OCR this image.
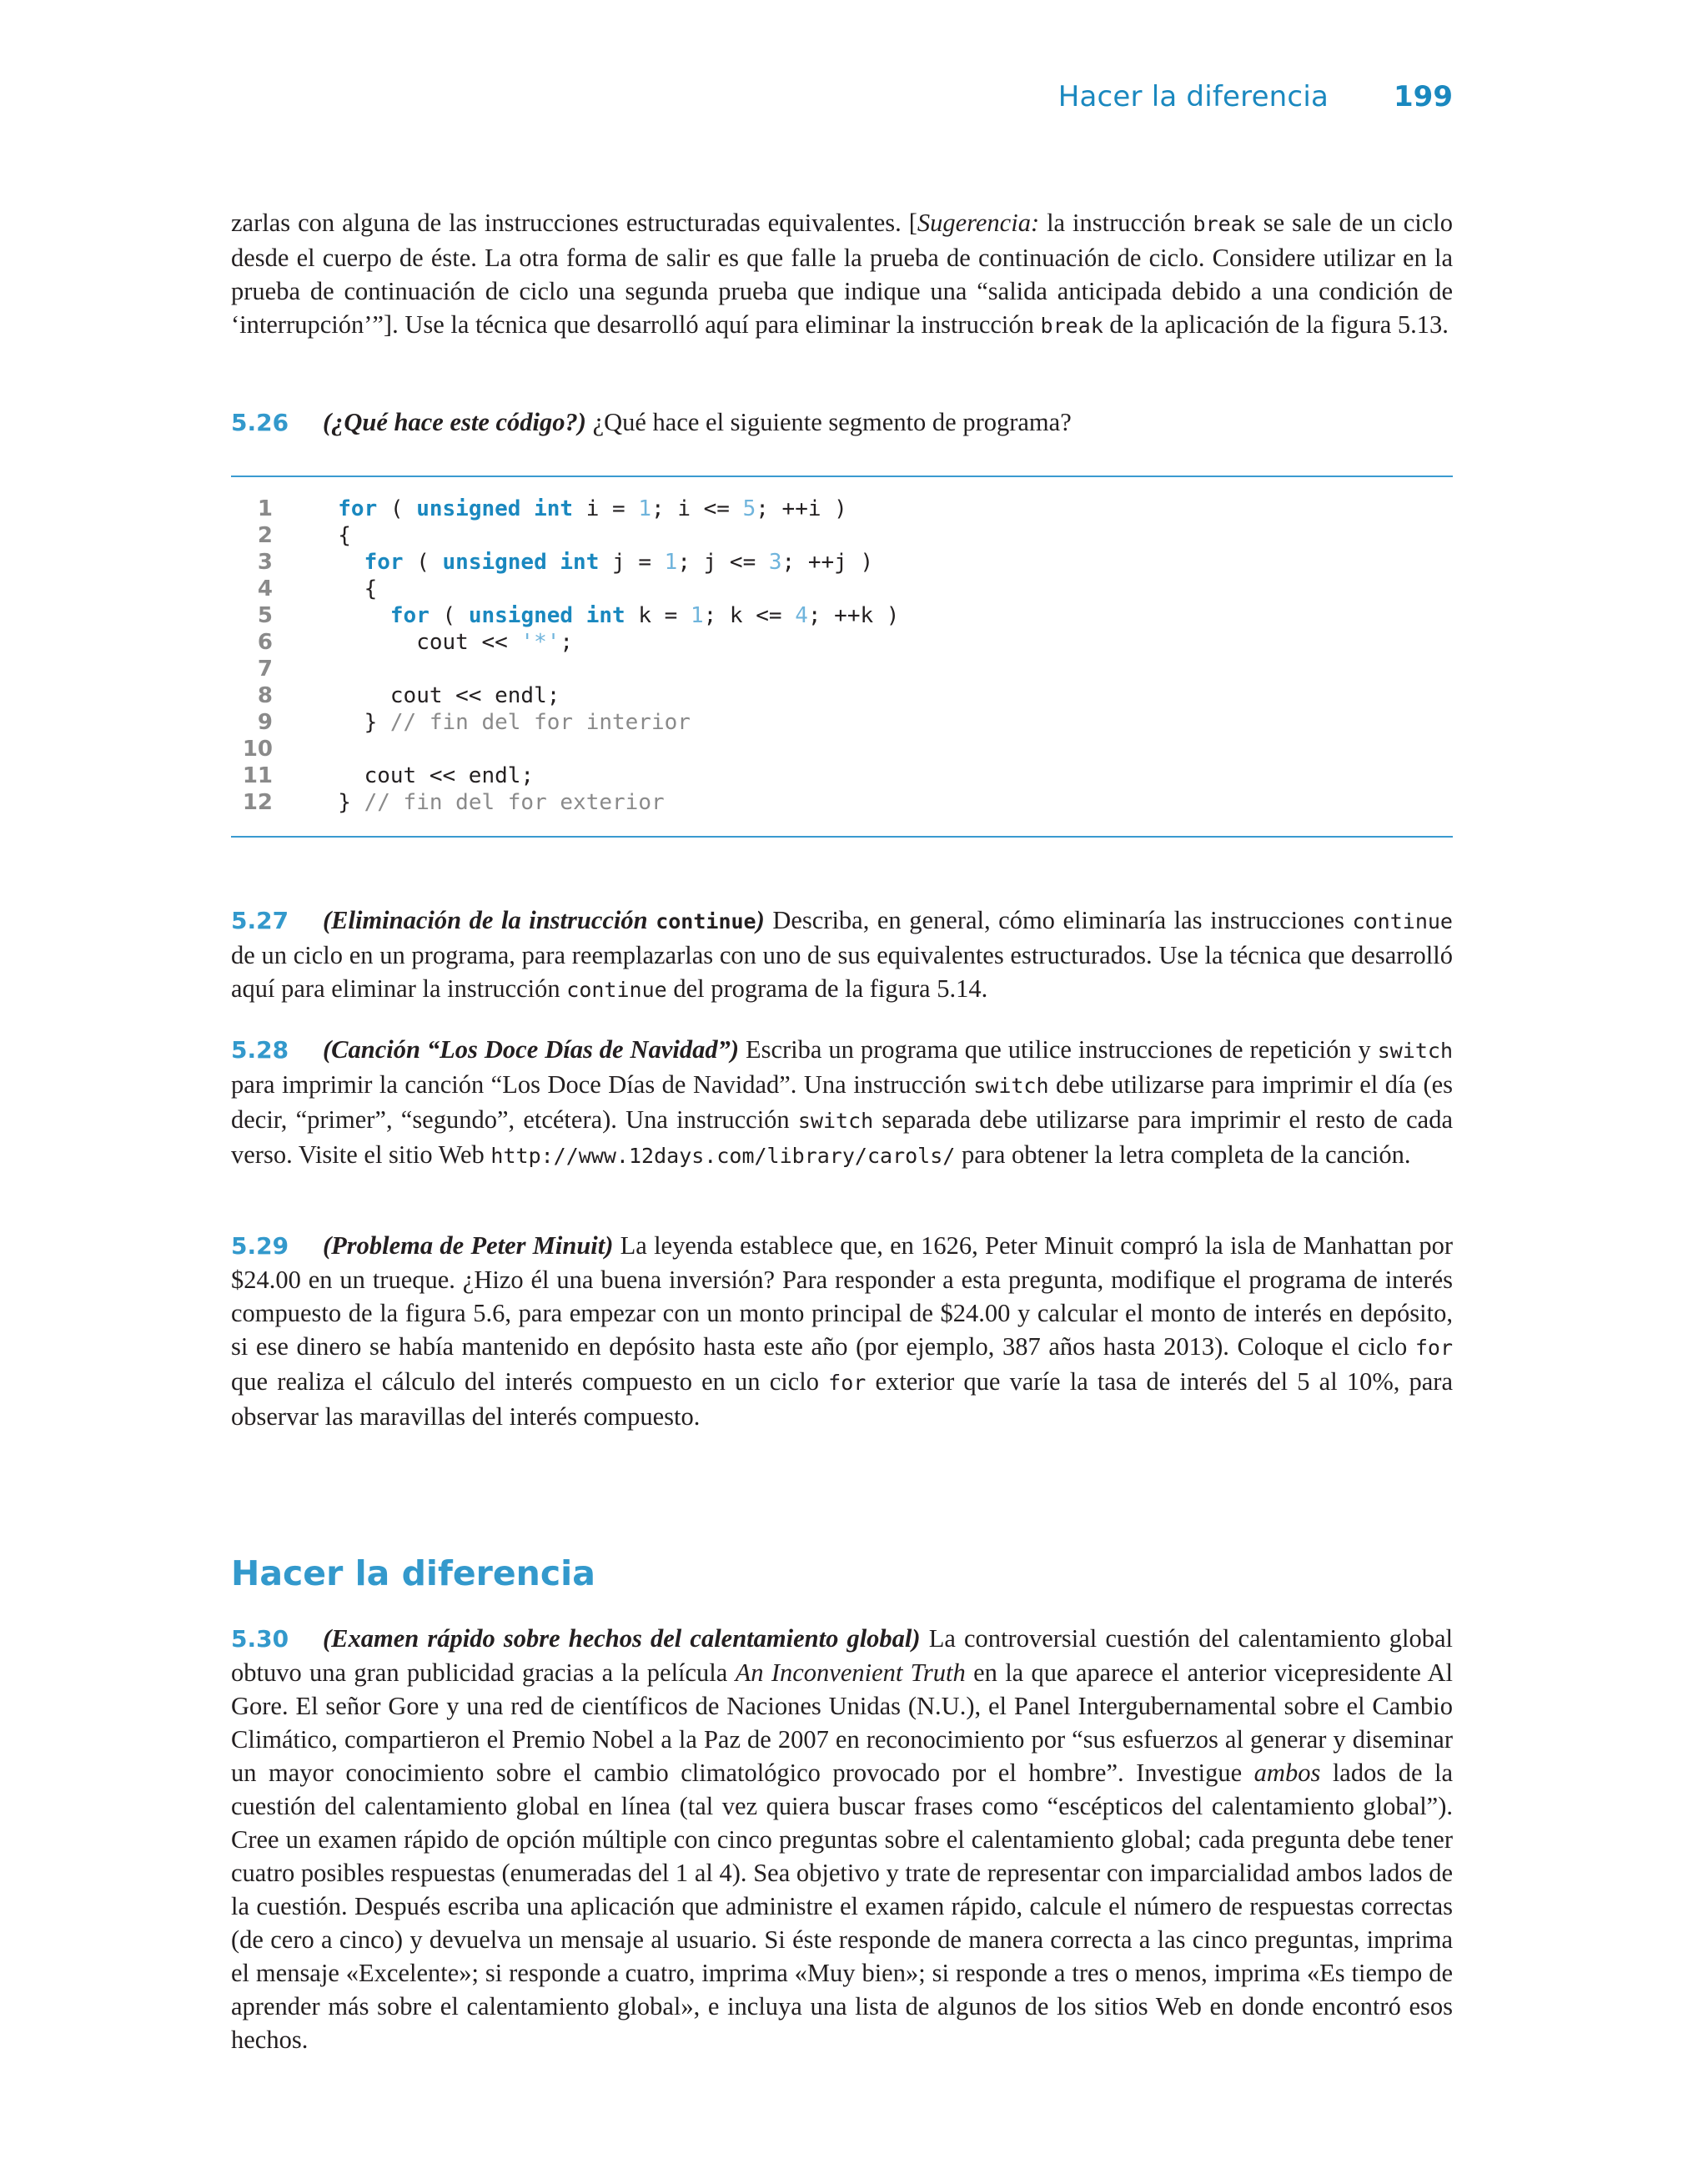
Hacer la diferencia 199

zarlas con alguna de las instrucciones estructuradas equivalentes. [Sugerencia: la instrucción break se sale de un ciclo desde el cuerpo de éste. La otra forma de salir es que falle la prueba de continuación de ciclo. Considere utilizar en la prueba de continuación de ciclo una segunda prueba que indique una “salida anticipada debido a una condición de ‘interrupción’”]. Use la técnica que desarrolló aquí para eliminar la instrucción break de la aplicación de la figura 5.13.

5.26 (¿Qué hace este código?) ¿Qué hace el siguiente segmento de programa?

1	for ( unsigned int i = 1; i <= 5; ++i )
2	{
3	for ( unsigned int j = 1; j <= 3; ++j )
4	{
5	for ( unsigned int k = 1; k <= 4; ++k )
6	cout << '*';
7
8	cout << endl;
9	} // fin del for interior
10
11	cout << endl;
12	} // fin del for exterior

5.27 (Eliminación de la instrucción continue) Describa, en general, cómo eliminaría las instrucciones continue de un ciclo en un programa, para reemplazarlas con uno de sus equivalentes estructurados. Use la técnica que desarrolló aquí para eliminar la instrucción continue del programa de la figura 5.14.

5.28 (Canción “Los Doce Días de Navidad”) Escriba un programa que utilice instrucciones de repetición y switch para imprimir la canción “Los Doce Días de Navidad”. Una instrucción switch debe utilizarse para imprimir el día (es decir, “primer”, “segundo”, etcétera). Una instrucción switch separada debe utilizarse para imprimir el resto de cada verso. Visite el sitio Web http://www.12days.com/library/carols/ para obtener la letra completa de la canción.

5.29 (Problema de Peter Minuit) La leyenda establece que, en 1626, Peter Minuit compró la isla de Manhattan por $24.00 en un trueque. ¿Hizo él una buena inversión? Para responder a esta pregunta, modifique el programa de interés compuesto de la figura 5.6, para empezar con un monto principal de $24.00 y calcular el monto de interés en depósito, si ese dinero se había mantenido en depósito hasta este año (por ejemplo, 387 años hasta 2013). Coloque el ciclo for que realiza el cálculo del interés compuesto en un ciclo for exterior que varíe la tasa de interés del 5 al 10%, para observar las maravillas del interés compuesto.

Hacer la diferencia

5.30 (Examen rápido sobre hechos del calentamiento global) La controversial cuestión del calentamiento global obtuvo una gran publicidad gracias a la película An Inconvenient Truth en la que aparece el anterior vicepresidente Al Gore. El señor Gore y una red de científicos de Naciones Unidas (N.U.), el Panel Intergubernamental sobre el Cambio Climático, compartieron el Premio Nobel a la Paz de 2007 en reconocimiento por “sus esfuerzos al generar y diseminar un mayor conocimiento sobre el cambio climatológico provocado por el hombre”. Investigue ambos lados de la cuestión del calentamiento global en línea (tal vez quiera buscar frases como “escépticos del calentamiento global”). Cree un examen rápido de opción múltiple con cinco preguntas sobre el calentamiento global; cada pregunta debe tener cuatro posibles respuestas (enumeradas del 1 al 4). Sea objetivo y trate de representar con imparcialidad ambos lados de la cuestión. Después escriba una aplicación que administre el examen rápido, calcule el número de respuestas correctas (de cero a cinco) y devuelva un mensaje al usuario. Si éste responde de manera correcta a las cinco preguntas, imprima el mensaje «Excelente»; si responde a cuatro, imprima «Muy bien»; si responde a tres o menos, imprima «Es tiempo de aprender más sobre el calentamiento global», e incluya una lista de algunos de los sitios Web en donde encontró esos hechos.
